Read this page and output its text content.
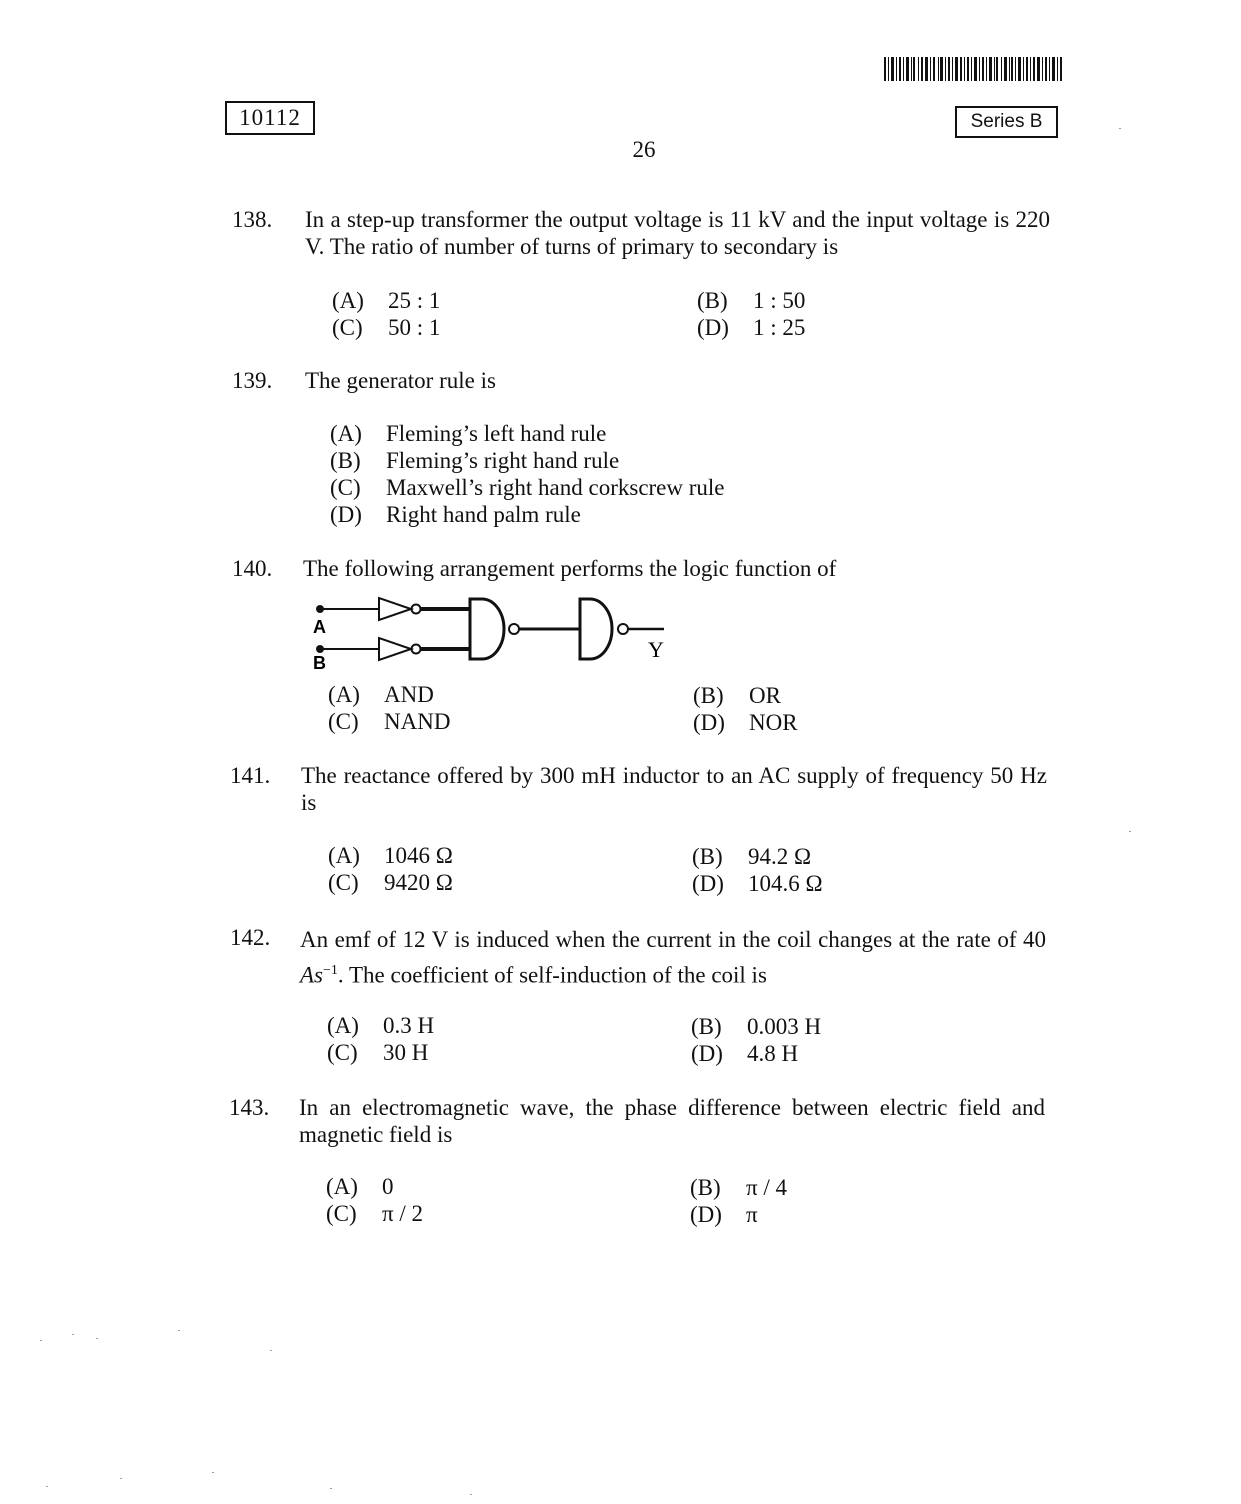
10112	Series B
26
138. In a step-up transformer the output voltage is 11 kV and the input voltage is 220 V. The ratio of number of turns of primary to secondary is
(A) 25 : 1	(B) 1 : 50
(C) 50 : 1	(D) 1 : 25
139. The generator rule is
(A) Fleming’s left hand rule
(B) Fleming’s right hand rule
(C) Maxwell’s right hand corkscrew rule
(D) Right hand palm rule
140. The following arrangement performs the logic function of
A
B
Y
(A) AND	(B) OR
(C) NAND	(D) NOR
141. The reactance offered by 300 mH inductor to an AC supply of frequency 50 Hz is
(A) 1046 Ω	(B) 94.2 Ω
(C) 9420 Ω	(D) 104.6 Ω
142. An emf of 12 V is induced when the current in the coil changes at the rate of 40 $As^{-1}$. The coefficient of self-induction of the coil is
(A) 0.3 H	(B) 0.003 H
(C) 30 H	(D) 4.8 H
143. In an electromagnetic wave, the phase difference between electric field and magnetic field is
(A) 0	(B) π / 4
(C) π / 2	(D) π
